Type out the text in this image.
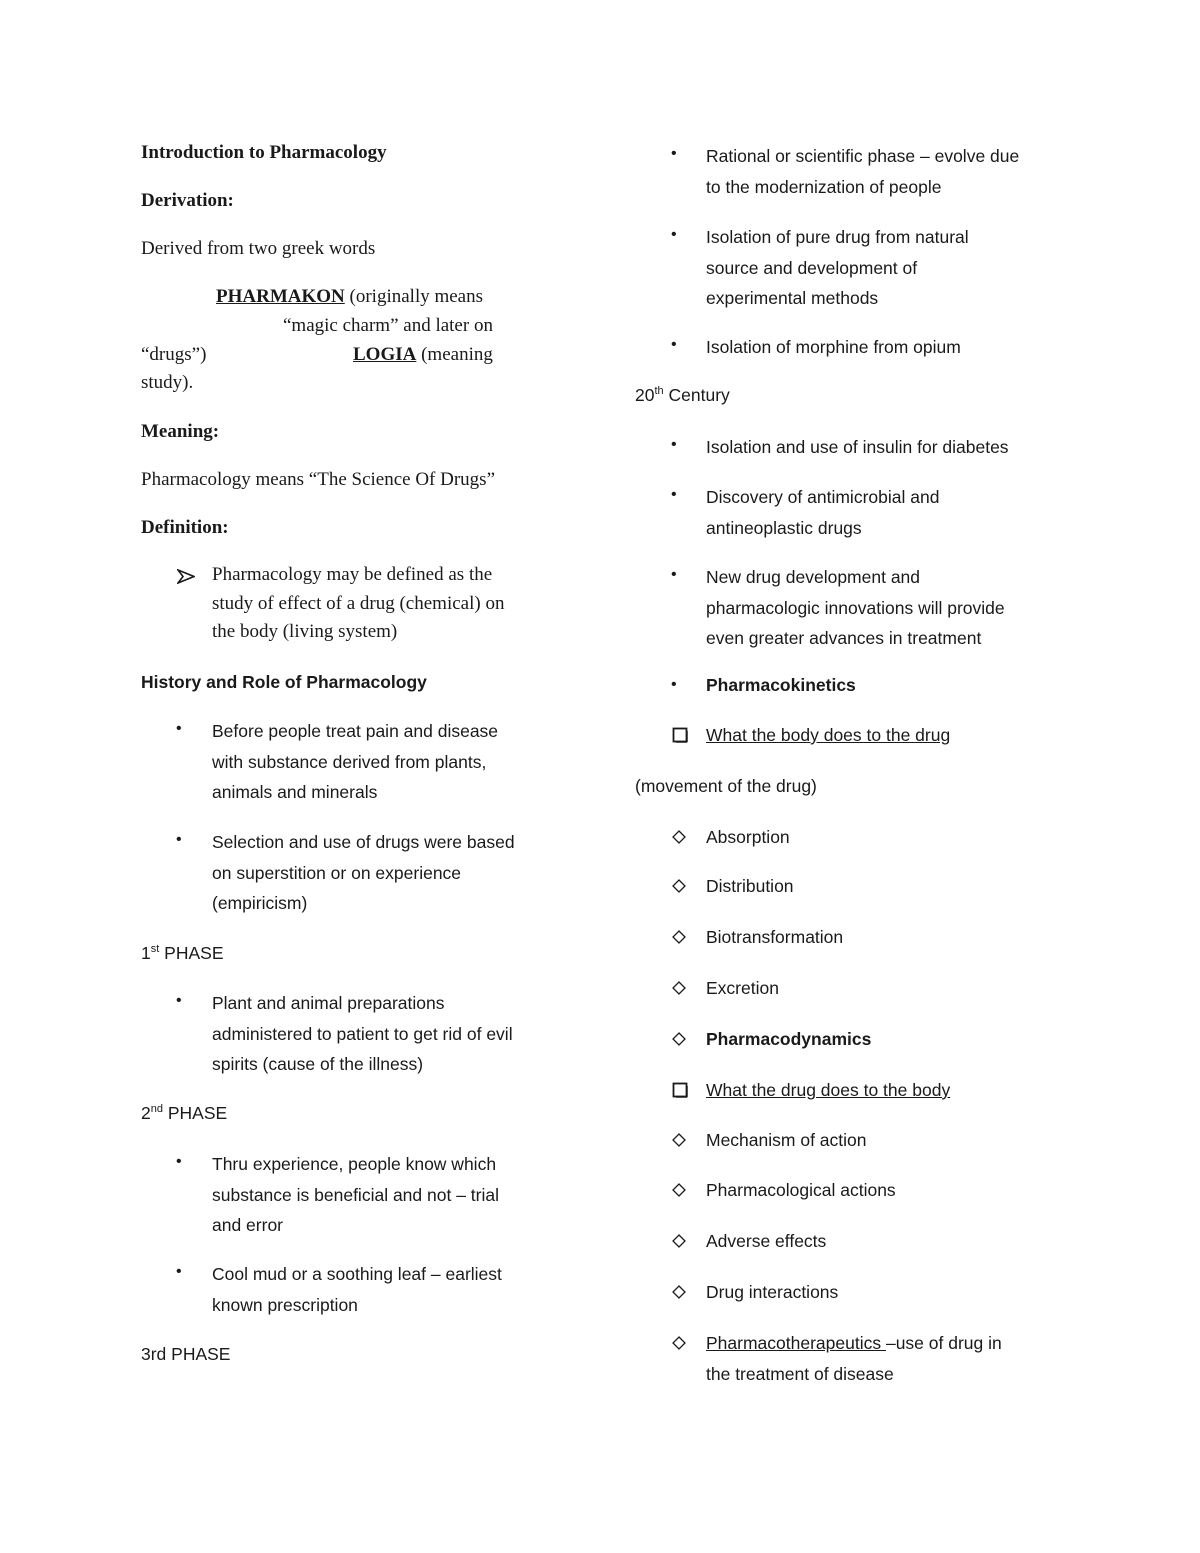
Introduction to Pharmacology
Derivation:
Derived from two greek words
PHARMAKON (originally means
“magic charm” and later on
“drugs”)	LOGIA (meaning
study).
Meaning:
Pharmacology means “The Science Of Drugs”
Definition:
Pharmacology may be defined as the
study of effect of a drug (chemical) on
the body (living system)
History and Role of Pharmacology
• Before people treat pain and disease
with substance derived from plants,
animals and minerals
• Selection and use of drugs were based
on superstition or on experience
(empiricism)
1st PHASE
• Plant and animal preparations
administered to patient to get rid of evil
spirits (cause of the illness)
2nd PHASE
• Thru experience, people know which
substance is beneficial and not – trial
and error
• Cool mud or a soothing leaf – earliest
known prescription
3rd PHASE
• Rational or scientific phase – evolve due
to the modernization of people
• Isolation of pure drug from natural
source and development of
experimental methods
• Isolation of morphine from opium
20th Century
• Isolation and use of insulin for diabetes
• Discovery of antimicrobial and
antineoplastic drugs
• New drug development and
pharmacologic innovations will provide
even greater advances in treatment
• Pharmacokinetics
What the body does to the drug
(movement of the drug)
Absorption
Distribution
Biotransformation
Excretion
Pharmacodynamics
What the drug does to the body
Mechanism of action
Pharmacological actions
Adverse effects
Drug interactions
Pharmacotherapeutics –use of drug in
the treatment of disease
